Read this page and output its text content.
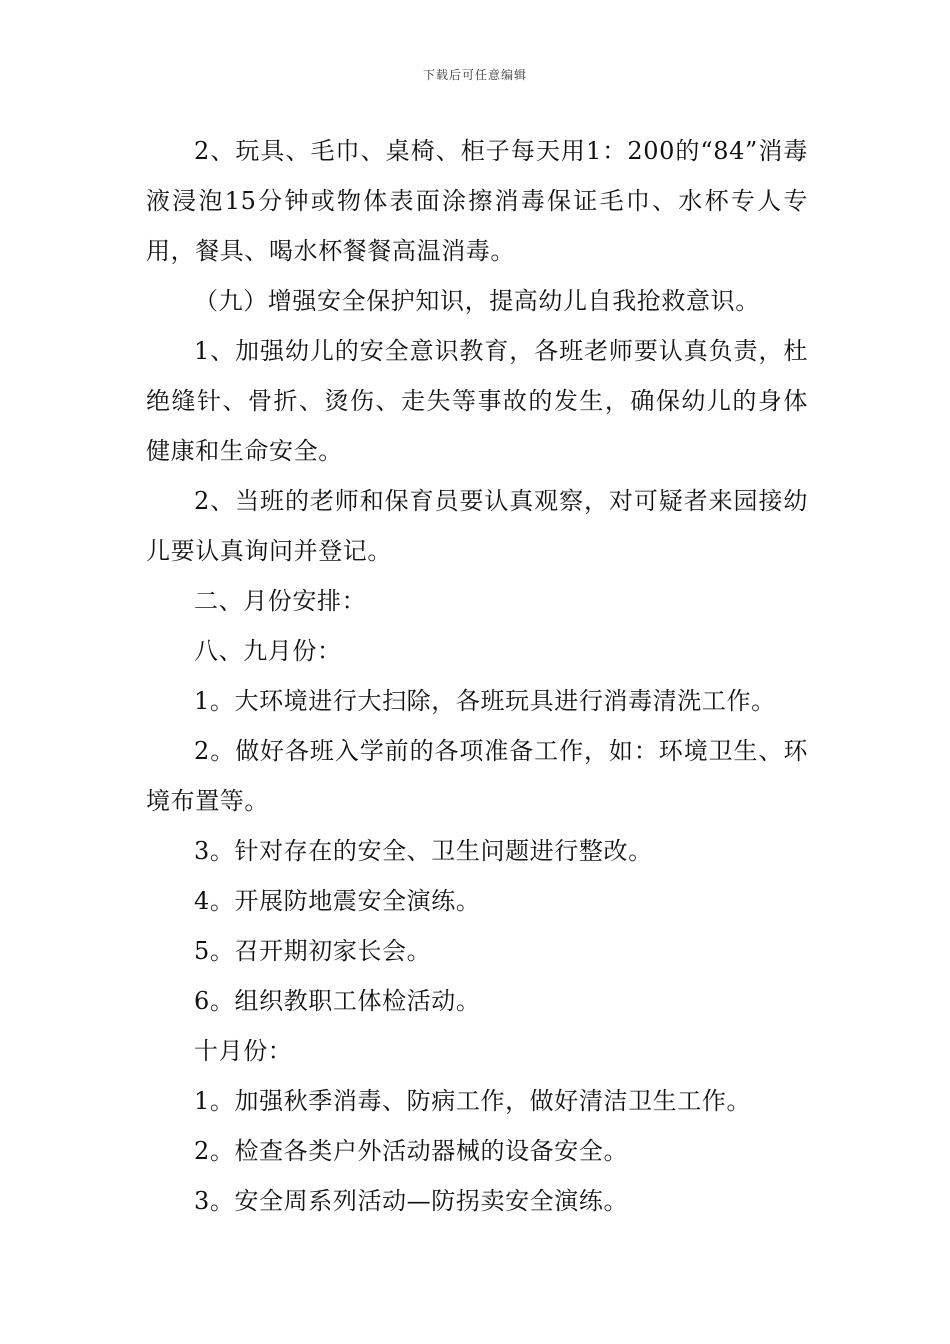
下载后可任意编辑

2、玩具、毛巾、桌椅、柜子每天用1：200的“84”消毒液浸泡15分钟或物体表面涂擦消毒保证毛巾、水杯专人专用，餐具、喝水杯餐餐高温消毒。

（九）增强安全保护知识，提高幼儿自我抢救意识。

1、加强幼儿的安全意识教育，各班老师要认真负责，杜绝缝针、骨折、烫伤、走失等事故的发生，确保幼儿的身体健康和生命安全。

2、当班的老师和保育员要认真观察，对可疑者来园接幼儿要认真询问并登记。

二、月份安排：

八、九月份：

1。大环境进行大扫除，各班玩具进行消毒清洗工作。

2。做好各班入学前的各项准备工作，如：环境卫生、环境布置等。

3。针对存在的安全、卫生问题进行整改。

4。开展防地震安全演练。

5。召开期初家长会。

6。组织教职工体检活动。

十月份：

1。加强秋季消毒、防病工作，做好清洁卫生工作。

2。检查各类户外活动器械的设备安全。

3。安全周系列活动—防拐卖安全演练。
